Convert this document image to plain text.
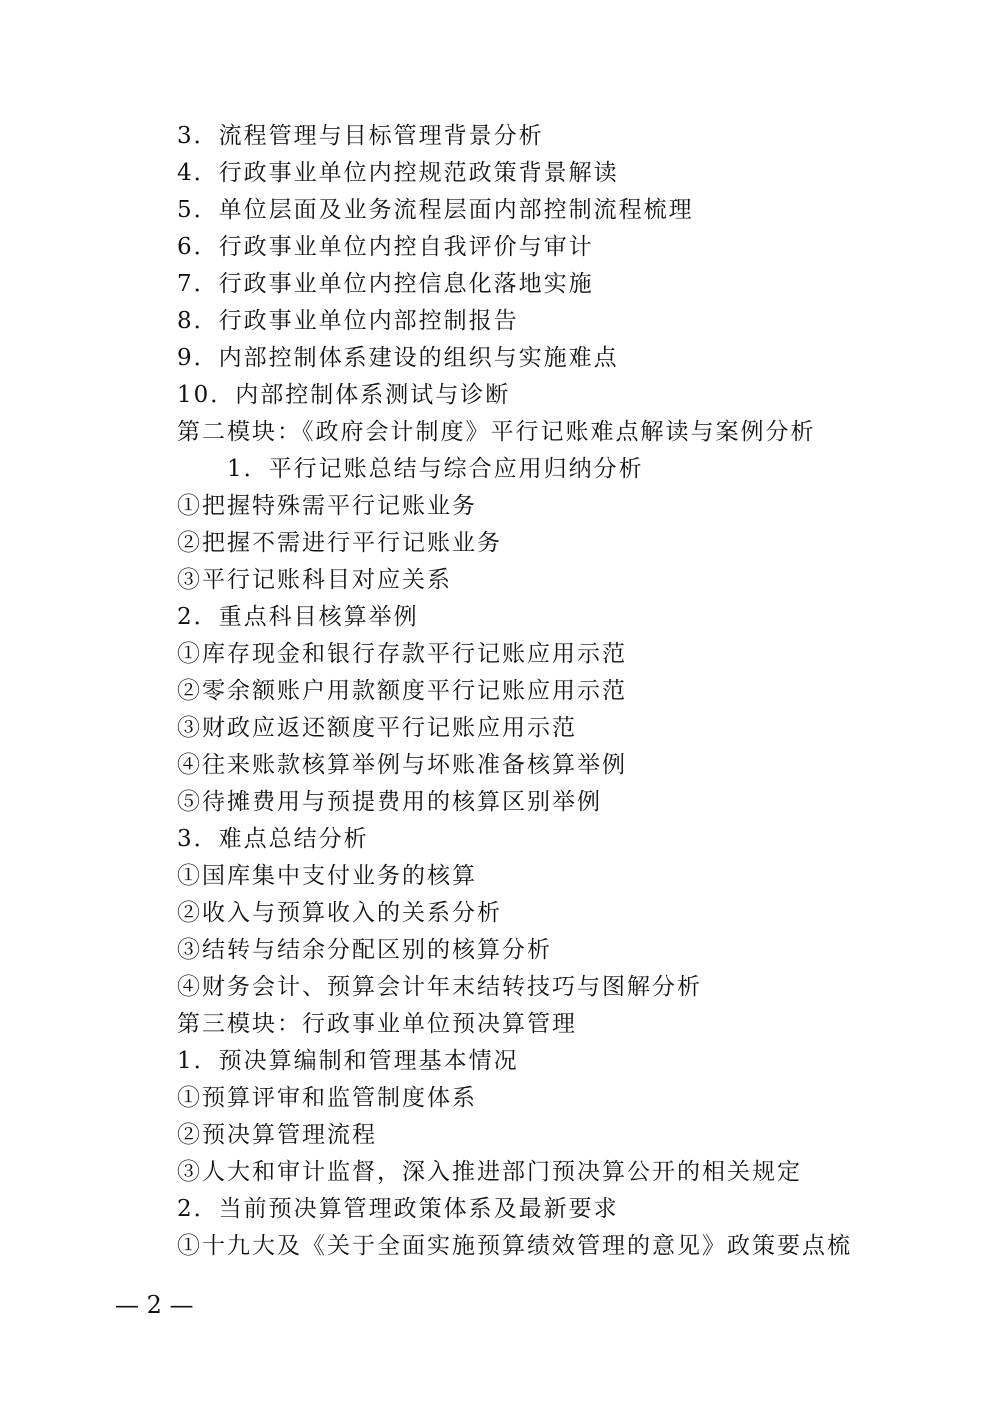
3．流程管理与目标管理背景分析
4．行政事业单位内控规范政策背景解读
5．单位层面及业务流程层面内部控制流程梳理
6．行政事业单位内控自我评价与审计
7．行政事业单位内控信息化落地实施
8．行政事业单位内部控制报告
9．内部控制体系建设的组织与实施难点
10．内部控制体系测试与诊断
第二模块：《政府会计制度》平行记账难点解读与案例分析
1．平行记账总结与综合应用归纳分析
①把握特殊需平行记账业务
②把握不需进行平行记账业务
③平行记账科目对应关系
2．重点科目核算举例
①库存现金和银行存款平行记账应用示范
②零余额账户用款额度平行记账应用示范
③财政应返还额度平行记账应用示范
④往来账款核算举例与坏账准备核算举例
⑤待摊费用与预提费用的核算区别举例
3．难点总结分析
①国库集中支付业务的核算
②收入与预算收入的关系分析
③结转与结余分配区别的核算分析
④财务会计、预算会计年末结转技巧与图解分析
第三模块：行政事业单位预决算管理
1．预决算编制和管理基本情况
①预算评审和监管制度体系
②预决算管理流程
③人大和审计监督，深入推进部门预决算公开的相关规定
2．当前预决算管理政策体系及最新要求
①十九大及《关于全面实施预算绩效管理的意见》政策要点梳
— 2 —
